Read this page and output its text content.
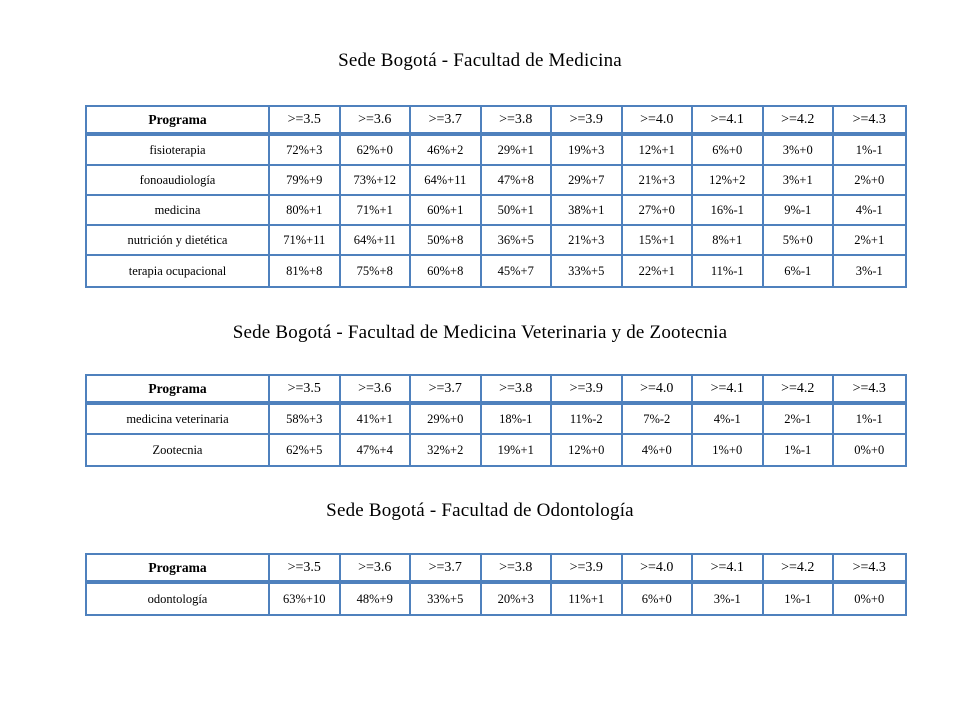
Sede Bogotá - Facultad de Medicina
Programa	>=3.5	>=3.6	>=3.7	>=3.8	>=3.9	>=4.0	>=4.1	>=4.2	>=4.3
fisioterapia	72%+3	62%+0	46%+2	29%+1	19%+3	12%+1	6%+0	3%+0	1%-1
fonoaudiología	79%+9	73%+12	64%+11	47%+8	29%+7	21%+3	12%+2	3%+1	2%+0
medicina	80%+1	71%+1	60%+1	50%+1	38%+1	27%+0	16%-1	9%-1	4%-1
nutrición y dietética	71%+11	64%+11	50%+8	36%+5	21%+3	15%+1	8%+1	5%+0	2%+1
terapia ocupacional	81%+8	75%+8	60%+8	45%+7	33%+5	22%+1	11%-1	6%-1	3%-1
Sede Bogotá - Facultad de Medicina Veterinaria y de Zootecnia
Programa	>=3.5	>=3.6	>=3.7	>=3.8	>=3.9	>=4.0	>=4.1	>=4.2	>=4.3
medicina veterinaria	58%+3	41%+1	29%+0	18%-1	11%-2	7%-2	4%-1	2%-1	1%-1
Zootecnia	62%+5	47%+4	32%+2	19%+1	12%+0	4%+0	1%+0	1%-1	0%+0
Sede Bogotá - Facultad de Odontología
Programa	>=3.5	>=3.6	>=3.7	>=3.8	>=3.9	>=4.0	>=4.1	>=4.2	>=4.3
odontología	63%+10	48%+9	33%+5	20%+3	11%+1	6%+0	3%-1	1%-1	0%+0
